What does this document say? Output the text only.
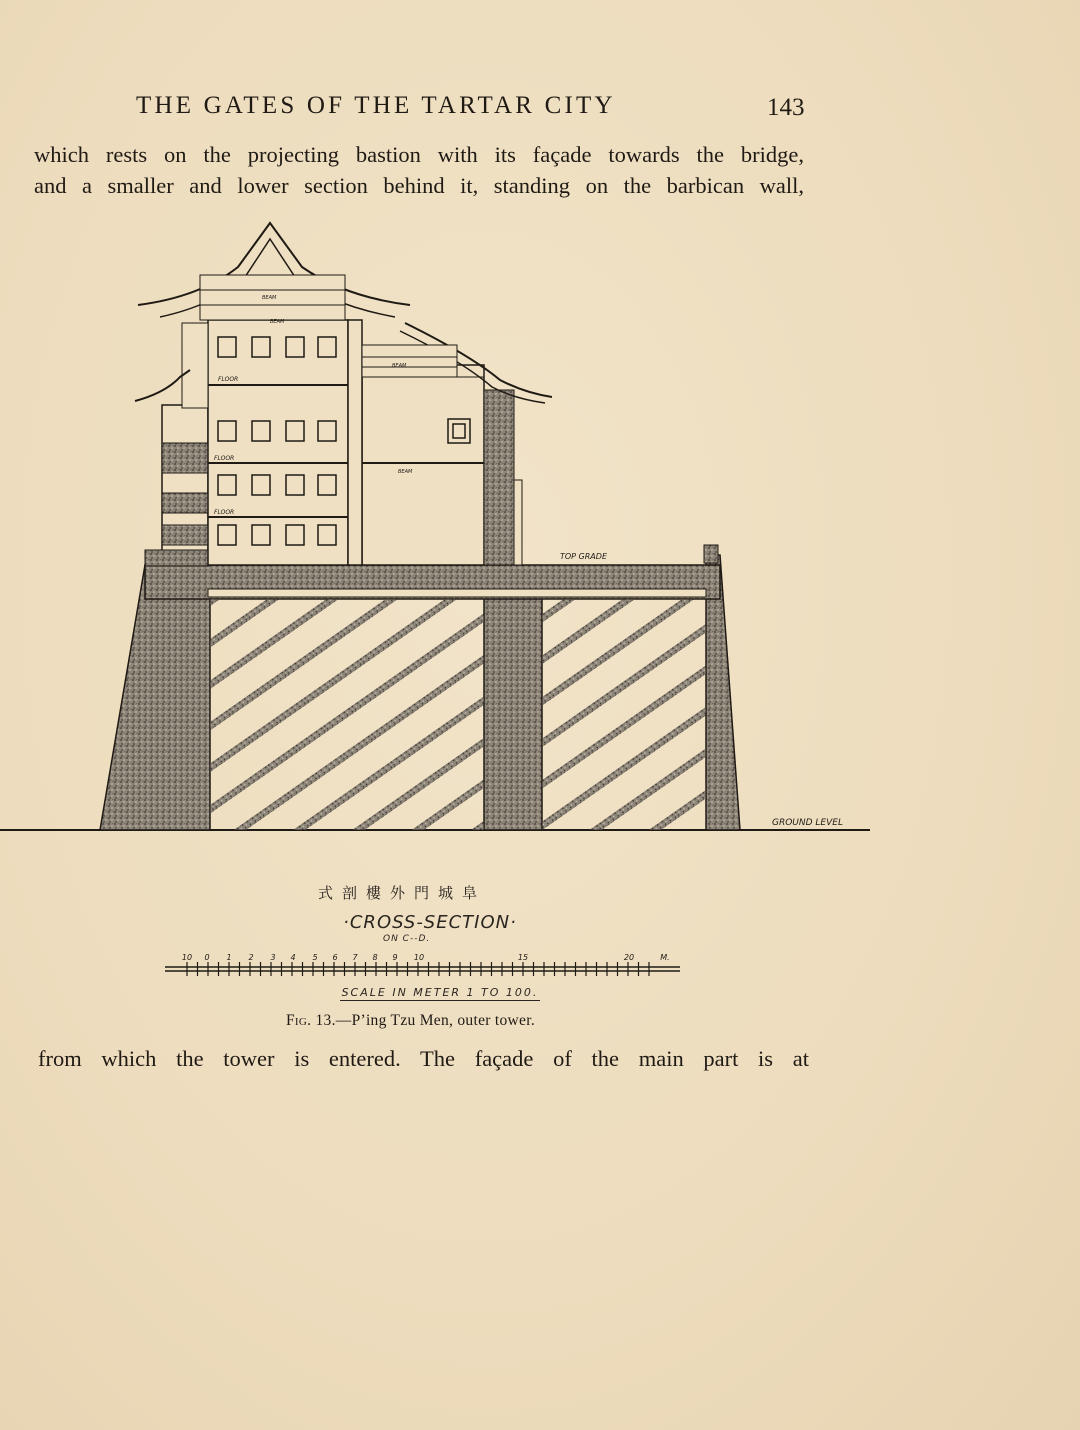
THE GATES OF THE TARTAR CITY	143
which rests on the projecting bastion with its façade towards the bridge,
and a smaller and lower section behind it, standing on the barbican wall,
BEAM
BEAM
BEAM
BEAM
FLOOR
FLOOR
FLOOR
TOP GRADE
GROUND LEVEL
式剖樓外門城阜
·CROSS-SECTION·
ON C--D.
10 0 1 2 3 4 5 6 7 8 9 10	15	20	M.
SCALE IN METER 1 TO 100.
Fig. 13.—P’ing Tzu Men, outer tower.
from which the tower is entered. The façade of the main part is at
